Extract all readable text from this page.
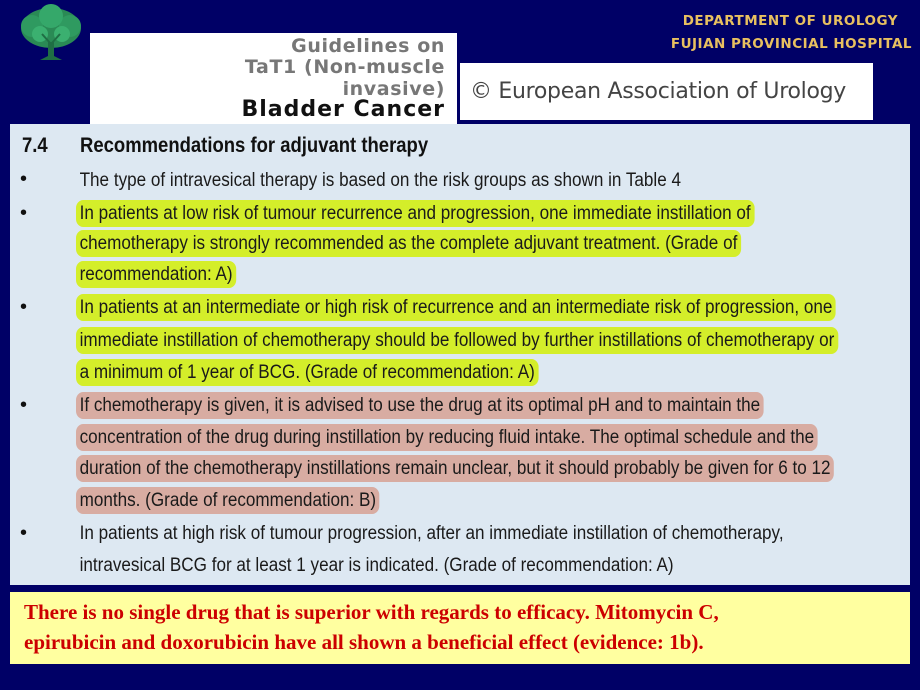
DEPARTMENT OF UROLOGY
FUJIAN PROVINCIAL HOSPITAL
Guidelines on
TaT1 (Non-muscle
invasive)
Bladder Cancer
© European Association of Urology
7.4 Recommendations for adjuvant therapy
•	The type of intravesical therapy is based on the risk groups as shown in Table 4
•	In patients at low risk of tumour recurrence and progression, one immediate instillation of
chemotherapy is strongly recommended as the complete adjuvant treatment. (Grade of
recommendation: A)
•	In patients at an intermediate or high risk of recurrence and an intermediate risk of progression, one
immediate instillation of chemotherapy should be followed by further instillations of chemotherapy or
a minimum of 1 year of BCG. (Grade of recommendation: A)
•	If chemotherapy is given, it is advised to use the drug at its optimal pH and to maintain the
concentration of the drug during instillation by reducing fluid intake. The optimal schedule and the
duration of the chemotherapy instillations remain unclear, but it should probably be given for 6 to 12
months. (Grade of recommendation: B)
•	In patients at high risk of tumour progression, after an immediate instillation of chemotherapy,
intravesical BCG for at least 1 year is indicated. (Grade of recommendation: A)
There is no single drug that is superior with regards to efficacy. Mitomycin C,
epirubicin and doxorubicin have all shown a beneficial effect (evidence: 1b).
